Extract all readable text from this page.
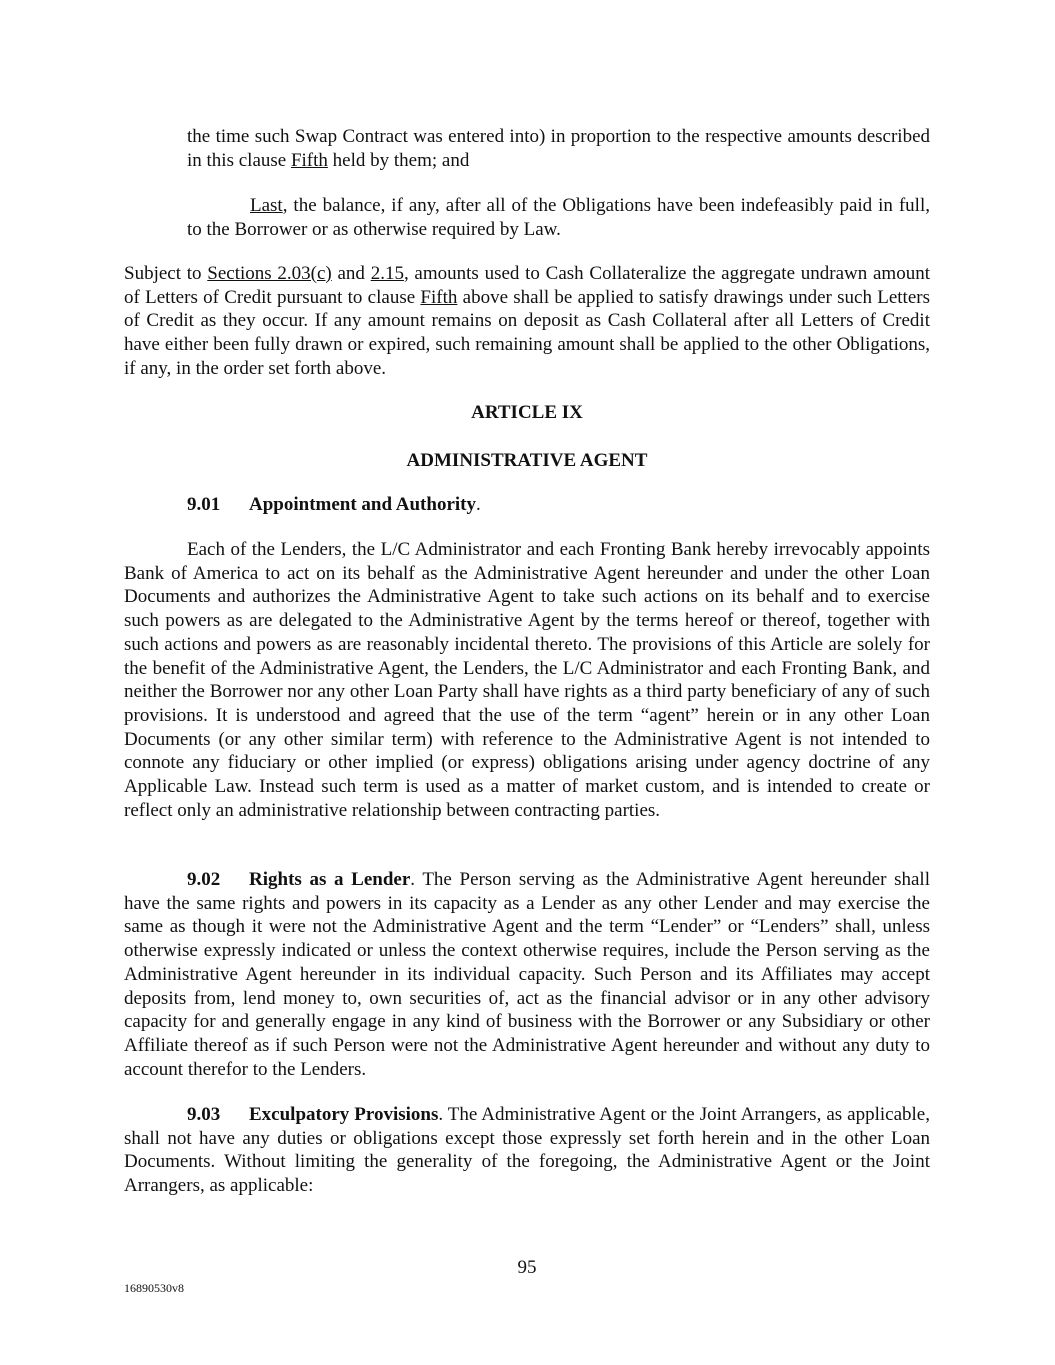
the time such Swap Contract was entered into) in proportion to the respective amounts described in this clause Fifth held by them; and

Last, the balance, if any, after all of the Obligations have been indefeasibly paid in full, to the Borrower or as otherwise required by Law.

Subject to Sections 2.03(c) and 2.15, amounts used to Cash Collateralize the aggregate undrawn amount of Letters of Credit pursuant to clause Fifth above shall be applied to satisfy drawings under such Letters of Credit as they occur. If any amount remains on deposit as Cash Collateral after all Letters of Credit have either been fully drawn or expired, such remaining amount shall be applied to the other Obligations, if any, in the order set forth above.

ARTICLE IX

ADMINISTRATIVE AGENT

9.01 Appointment and Authority.

Each of the Lenders, the L/C Administrator and each Fronting Bank hereby irrevocably appoints Bank of America to act on its behalf as the Administrative Agent hereunder and under the other Loan Documents and authorizes the Administrative Agent to take such actions on its behalf and to exercise such powers as are delegated to the Administrative Agent by the terms hereof or thereof, together with such actions and powers as are reasonably incidental thereto. The provisions of this Article are solely for the benefit of the Administrative Agent, the Lenders, the L/C Administrator and each Fronting Bank, and neither the Borrower nor any other Loan Party shall have rights as a third party beneficiary of any of such provisions. It is understood and agreed that the use of the term “agent” herein or in any other Loan Documents (or any other similar term) with reference to the Administrative Agent is not intended to connote any fiduciary or other implied (or express) obligations arising under agency doctrine of any Applicable Law. Instead such term is used as a matter of market custom, and is intended to create or reflect only an administrative relationship between contracting parties.

9.02 Rights as a Lender. The Person serving as the Administrative Agent hereunder shall have the same rights and powers in its capacity as a Lender as any other Lender and may exercise the same as though it were not the Administrative Agent and the term “Lender” or “Lenders” shall, unless otherwise expressly indicated or unless the context otherwise requires, include the Person serving as the Administrative Agent hereunder in its individual capacity. Such Person and its Affiliates may accept deposits from, lend money to, own securities of, act as the financial advisor or in any other advisory capacity for and generally engage in any kind of business with the Borrower or any Subsidiary or other Affiliate thereof as if such Person were not the Administrative Agent hereunder and without any duty to account therefor to the Lenders.

9.03 Exculpatory Provisions. The Administrative Agent or the Joint Arrangers, as applicable, shall not have any duties or obligations except those expressly set forth herein and in the other Loan Documents. Without limiting the generality of the foregoing, the Administrative Agent or the Joint Arrangers, as applicable:

95
16890530v8
